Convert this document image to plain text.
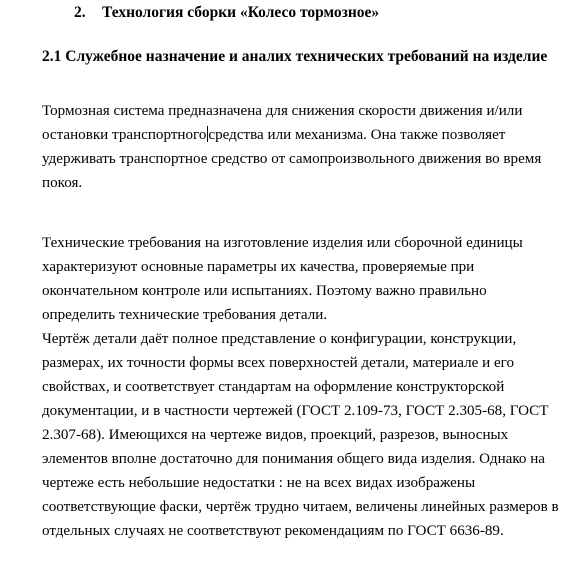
2. Технология сборки «Колесо тормозное»
2.1 Служебное назначение и аналих технических требований на изделие
Тормозная система предназначена для снижения скорости движения и/или
остановки транспортного средства или механизма. Она также позволяет
удерживать транспортное средство от самопроизвольного движения во время
покоя.
Технические требования на изготовление изделия или сборочной единицы
характеризуют основные параметры их качества, проверяемые при
окончательном контроле или испытаниях. Поэтому важно правильно
определить технические требования детали.
Чертёж детали даёт полное представление о конфигурации, конструкции,
размерах, их точности формы всех поверхностей детали, материале и его
свойствах, и соответствует стандартам на оформление конструкторской
документации, и в частности чертежей (ГОСТ 2.109-73, ГОСТ 2.305-68, ГОСТ
2.307-68). Имеющихся на чертеже видов, проекций, разрезов, выносных
элементов вполне достаточно для понимания общего вида изделия. Однако на
чертеже есть небольшие недостатки : не на всех видах изображены
соответствующие фаски, чертёж трудно читаем, величены линейных размеров в
отдельных случаях не соответствуют рекомендациям по ГОСТ 6636-89.
